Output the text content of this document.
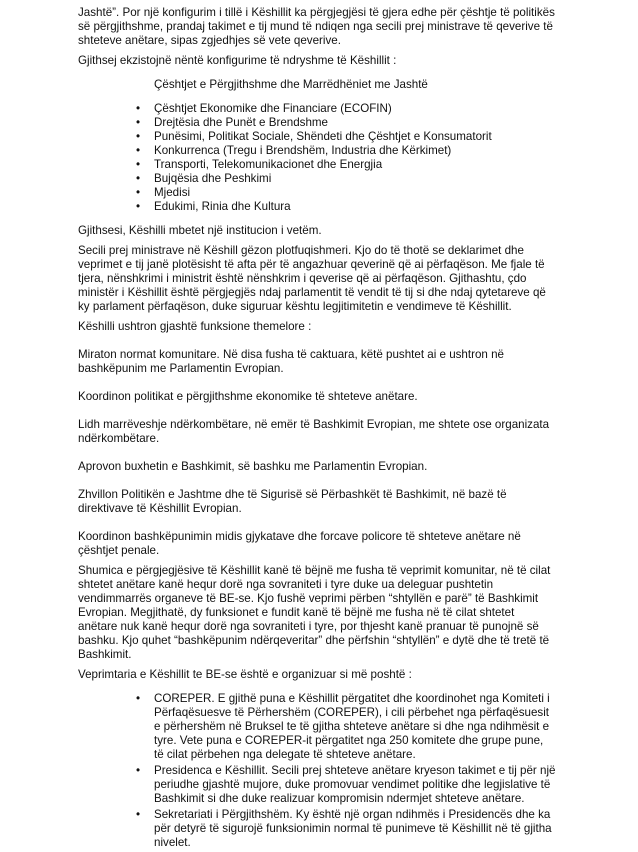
Jashtë”. Por një konfigurim i tillë i Këshillit ka përgjegjësi të gjera edhe për çështje të politikës së përgjithshme, prandaj takimet e tij mund të ndiqen nga secili prej ministrave të qeverive të shteteve anëtare, sipas zgjedhjes së vete qeverive.

Gjithsej ekzistojnë nëntë konfigurime të ndryshme të Këshillit :

Çështjet e Përgjithshme dhe Marrëdhëniet me Jashtë

• Çështjet Ekonomike dhe Financiare (ECOFIN)
• Drejtësia dhe Punët e Brendshme
• Punësimi, Politikat Sociale, Shëndeti dhe Çështjet e Konsumatorit
• Konkurrenca (Tregu i Brendshëm, Industria dhe Kërkimet)
• Transporti, Telekomunikacionet dhe Energjia
• Bujqësia dhe Peshkimi
• Mjedisi
• Edukimi, Rinia dhe Kultura

Gjithsesi, Këshilli mbetet një institucion i vetëm.

Secili prej ministrave në Këshill gëzon plotfuqishmeri. Kjo do të thotë se deklarimet dhe veprimet e tij janë plotësisht të afta për të angazhuar qeverinë që ai përfaqëson. Me fjale të tjera, nënshkrimi i ministrit është nënshkrim i qeverise që ai përfaqëson. Gjithashtu, çdo ministër i Këshillit është përgjegjës ndaj parlamentit të vendit të tij si dhe ndaj qytetareve që ky parlament përfaqëson, duke siguruar kështu legjitimitetin e vendimeve të Këshillit.

Këshilli ushtron gjashtë funksione themelore :

Miraton normat komunitare. Në disa fusha të caktuara, këtë pushtet ai e ushtron në bashkëpunim me Parlamentin Evropian.

Koordinon politikat e përgjithshme ekonomike të shteteve anëtare.

Lidh marrëveshje ndërkombëtare, në emër të Bashkimit Evropian, me shtete ose organizata ndërkombëtare.

Aprovon buxhetin e Bashkimit, së bashku me Parlamentin Evropian.

Zhvillon Politikën e Jashtme dhe të Sigurisë së Përbashkët të Bashkimit, në bazë të direktivave të Këshillit Evropian.

Koordinon bashkëpunimin midis gjykatave dhe forcave policore të shteteve anëtare në çështjet penale.

Shumica e përgjegjësive të Këshillit kanë të bëjnë me fusha të veprimit komunitar, në të cilat shtetet anëtare kanë hequr dorë nga sovraniteti i tyre duke ua deleguar pushtetin vendimmarrës organeve të BE-se. Kjo fushë veprimi përben “shtyllën e parë” të Bashkimit Evropian. Megjithatë, dy funksionet e fundit kanë të bëjnë me fusha në të cilat shtetet anëtare nuk kanë hequr dorë nga sovraniteti i tyre, por thjesht kanë pranuar të punojnë së bashku. Kjo quhet “bashkëpunim ndërqeveritar” dhe përfshin “shtyllën” e dytë dhe të tretë të Bashkimit.

Veprimtaria e Këshillit te BE-se është e organizuar si më poshtë :

• COREPER. E gjithë puna e Këshillit përgatitet dhe koordinohet nga Komiteti i Përfaqësuesve të Përhershëm (COREPER), i cili përbehet nga përfaqësuesit e përhershëm në Bruksel te të gjitha shteteve anëtare si dhe nga ndihmësit e tyre. Vete puna e COREPER-it përgatitet nga 250 komitete dhe grupe pune, të cilat përbehen nga delegate të shteteve anëtare.
• Presidenca e Këshillit. Secili prej shteteve anëtare kryeson takimet e tij për një periudhe gjashtë mujore, duke promovuar vendimet politike dhe legjislative të Bashkimit si dhe duke realizuar kompromisin ndermjet shteteve anëtare.
• Sekretariati i Përgjithshëm. Ky është një organ ndihmës i Presidencës dhe ka për detyrë të sigurojë funksionimin normal të punimeve të Këshillit në të gjitha nivelet.
